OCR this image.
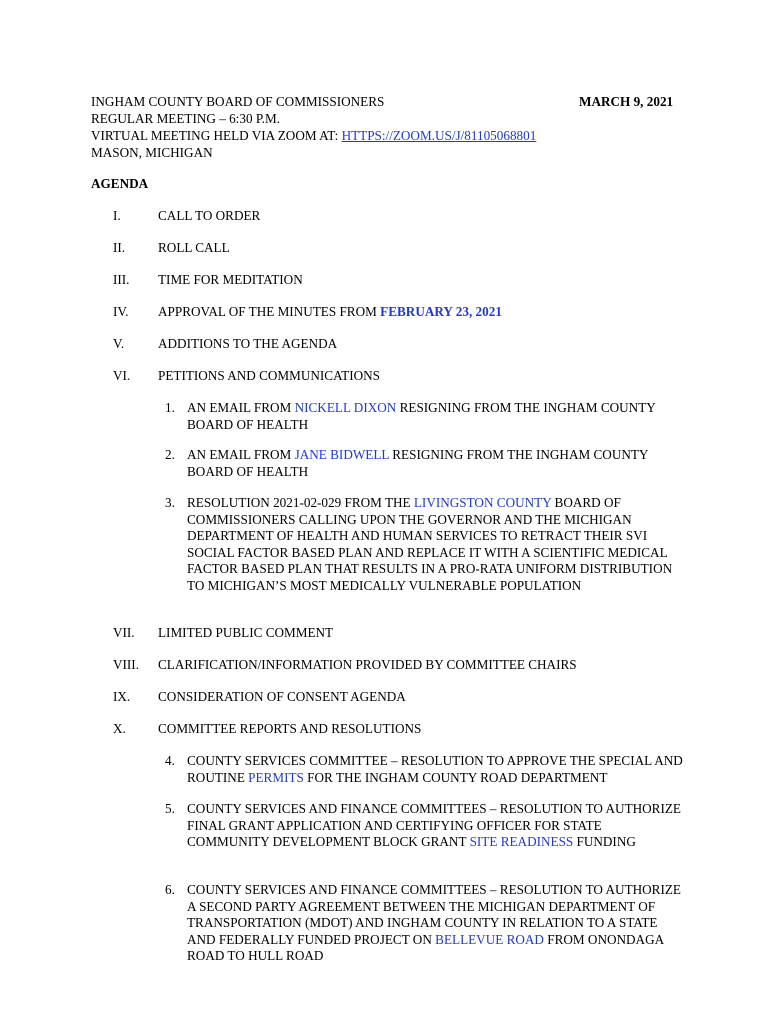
INGHAM COUNTY BOARD OF COMMISSIONERS
REGULAR MEETING – 6:30 P.M.
VIRTUAL MEETING HELD VIA ZOOM AT: HTTPS://ZOOM.US/J/81105068801
MASON, MICHIGAN
MARCH 9, 2021
AGENDA
I.	CALL TO ORDER
II. ROLL CALL
III. TIME FOR MEDITATION
IV. APPROVAL OF THE MINUTES FROM FEBRUARY 23, 2021
V.	ADDITIONS TO THE AGENDA
VI. PETITIONS AND COMMUNICATIONS
1. AN EMAIL FROM NICKELL DIXON RESIGNING FROM THE INGHAM COUNTY BOARD OF HEALTH
2. AN EMAIL FROM JANE BIDWELL RESIGNING FROM THE INGHAM COUNTY BOARD OF HEALTH
3. RESOLUTION 2021-02-029 FROM THE LIVINGSTON COUNTY BOARD OF COMMISSIONERS CALLING UPON THE GOVERNOR AND THE MICHIGAN DEPARTMENT OF HEALTH AND HUMAN SERVICES TO RETRACT THEIR SVI SOCIAL FACTOR BASED PLAN AND REPLACE IT WITH A SCIENTIFIC MEDICAL FACTOR BASED PLAN THAT RESULTS IN A PRO-RATA UNIFORM DISTRIBUTION TO MICHIGAN’S MOST MEDICALLY VULNERABLE POPULATION
VII. LIMITED PUBLIC COMMENT
VIII. CLARIFICATION/INFORMATION PROVIDED BY COMMITTEE CHAIRS
IX. CONSIDERATION OF CONSENT AGENDA
X. COMMITTEE REPORTS AND RESOLUTIONS
4. COUNTY SERVICES COMMITTEE – RESOLUTION TO APPROVE THE SPECIAL AND ROUTINE PERMITS FOR THE INGHAM COUNTY ROAD DEPARTMENT
5. COUNTY SERVICES AND FINANCE COMMITTEES – RESOLUTION TO AUTHORIZE FINAL GRANT APPLICATION AND CERTIFYING OFFICER FOR STATE COMMUNITY DEVELOPMENT BLOCK GRANT SITE READINESS FUNDING
6. COUNTY SERVICES AND FINANCE COMMITTEES – RESOLUTION TO AUTHORIZE A SECOND PARTY AGREEMENT BETWEEN THE MICHIGAN DEPARTMENT OF TRANSPORTATION (MDOT) AND INGHAM COUNTY IN RELATION TO A STATE AND FEDERALLY FUNDED PROJECT ON BELLEVUE ROAD FROM ONONDAGA ROAD TO HULL ROAD
